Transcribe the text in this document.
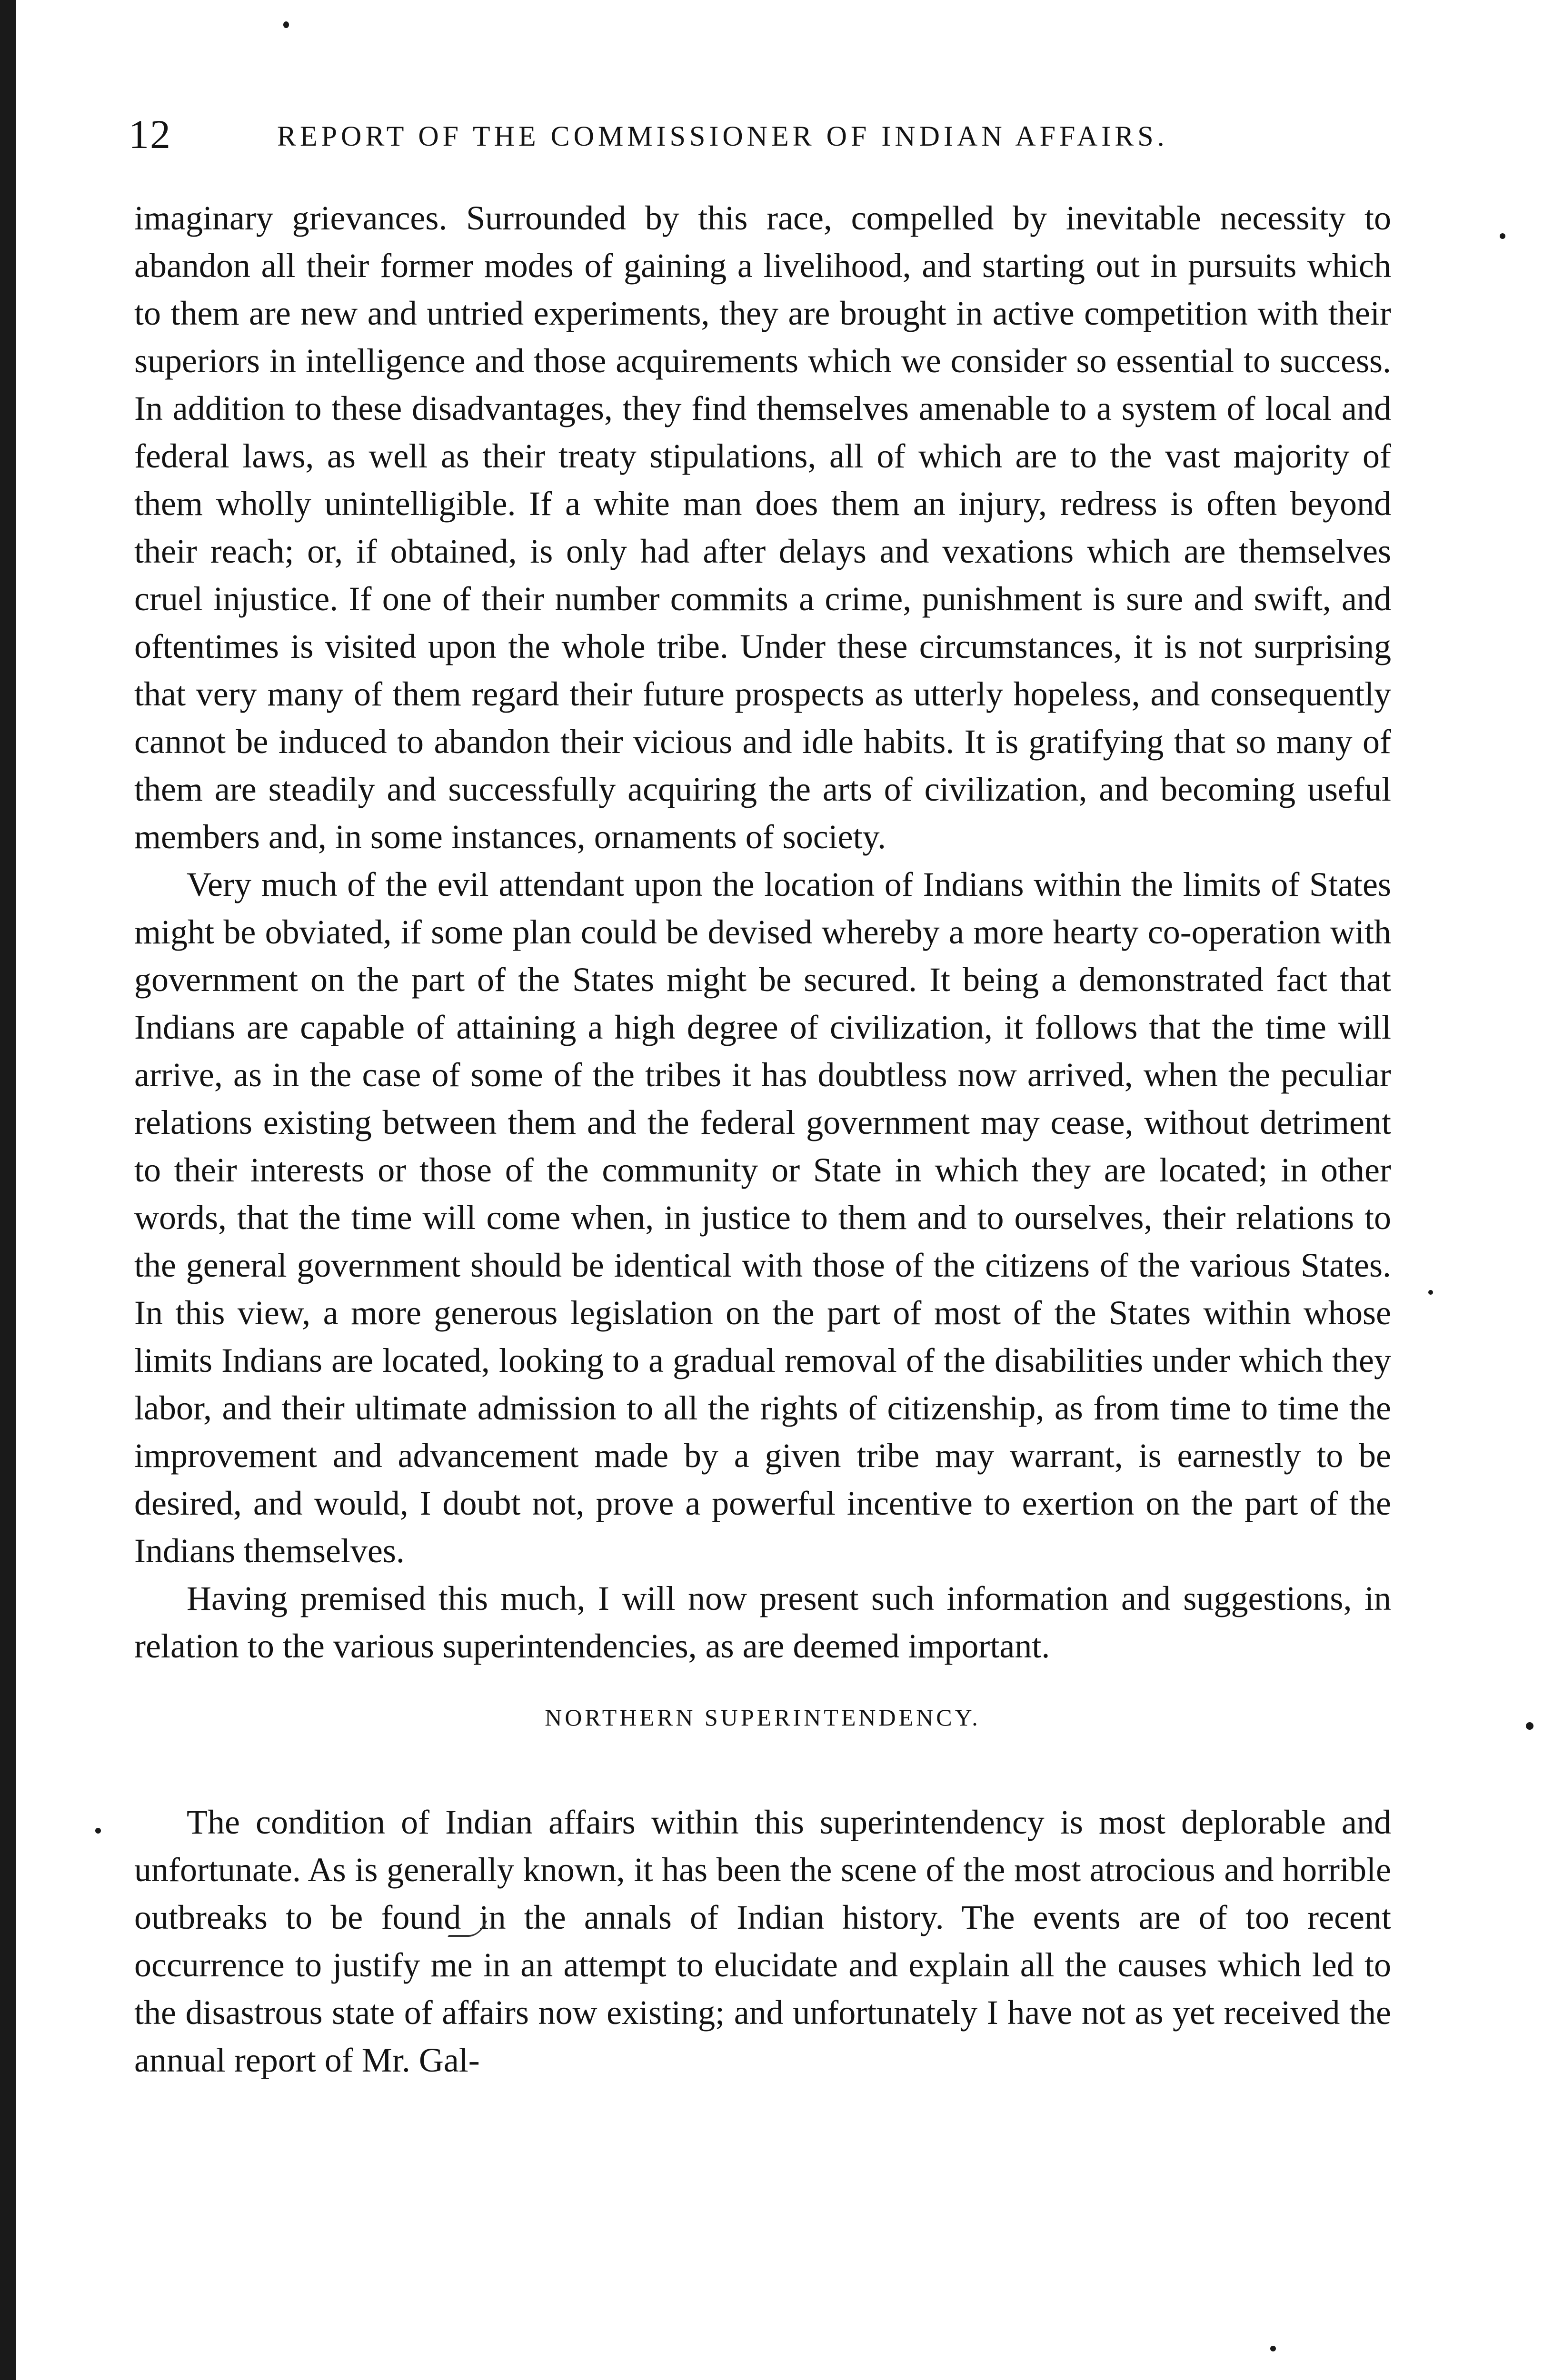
12	REPORT OF THE COMMISSIONER OF INDIAN AFFAIRS.

imaginary grievances. Surrounded by this race, compelled by inevitable necessity to abandon all their former modes of gaining a livelihood, and starting out in pursuits which to them are new and untried experiments, they are brought in active competition with their superiors in intelligence and those acquirements which we consider so essential to success. In addition to these disadvantages, they find themselves amenable to a system of local and federal laws, as well as their treaty stipulations, all of which are to the vast majority of them wholly unintelligible. If a white man does them an injury, redress is often beyond their reach; or, if obtained, is only had after delays and vexations which are themselves cruel injustice. If one of their number commits a crime, punishment is sure and swift, and oftentimes is visited upon the whole tribe. Under these circumstances, it is not surprising that very many of them regard their future prospects as utterly hopeless, and consequently cannot be induced to abandon their vicious and idle habits. It is gratifying that so many of them are steadily and successfully acquiring the arts of civilization, and becoming useful members and, in some instances, ornaments of society.

Very much of the evil attendant upon the location of Indians within the limits of States might be obviated, if some plan could be devised whereby a more hearty co-operation with government on the part of the States might be secured. It being a demonstrated fact that Indians are capable of attaining a high degree of civilization, it follows that the time will arrive, as in the case of some of the tribes it has doubtless now arrived, when the peculiar relations existing between them and the federal government may cease, without detriment to their interests or those of the community or State in which they are located; in other words, that the time will come when, in justice to them and to ourselves, their relations to the general government should be identical with those of the citizens of the various States. In this view, a more generous legislation on the part of most of the States within whose limits Indians are located, looking to a gradual removal of the disabilities under which they labor, and their ultimate admission to all the rights of citizenship, as from time to time the improvement and advancement made by a given tribe may warrant, is earnestly to be desired, and would, I doubt not, prove a powerful incentive to exertion on the part of the Indians themselves.

Having premised this much, I will now present such information and suggestions, in relation to the various superintendencies, as are deemed important.

NORTHERN SUPERINTENDENCY.

The condition of Indian affairs within this superintendency is most deplorable and unfortunate. As is generally known, it has been the scene of the most atrocious and horrible outbreaks to be found in the annals of Indian history. The events are of too recent occurrence to justify me in an attempt to elucidate and explain all the causes which led to the disastrous state of affairs now existing; and unfortunately I have not as yet received the annual report of Mr. Gal-
